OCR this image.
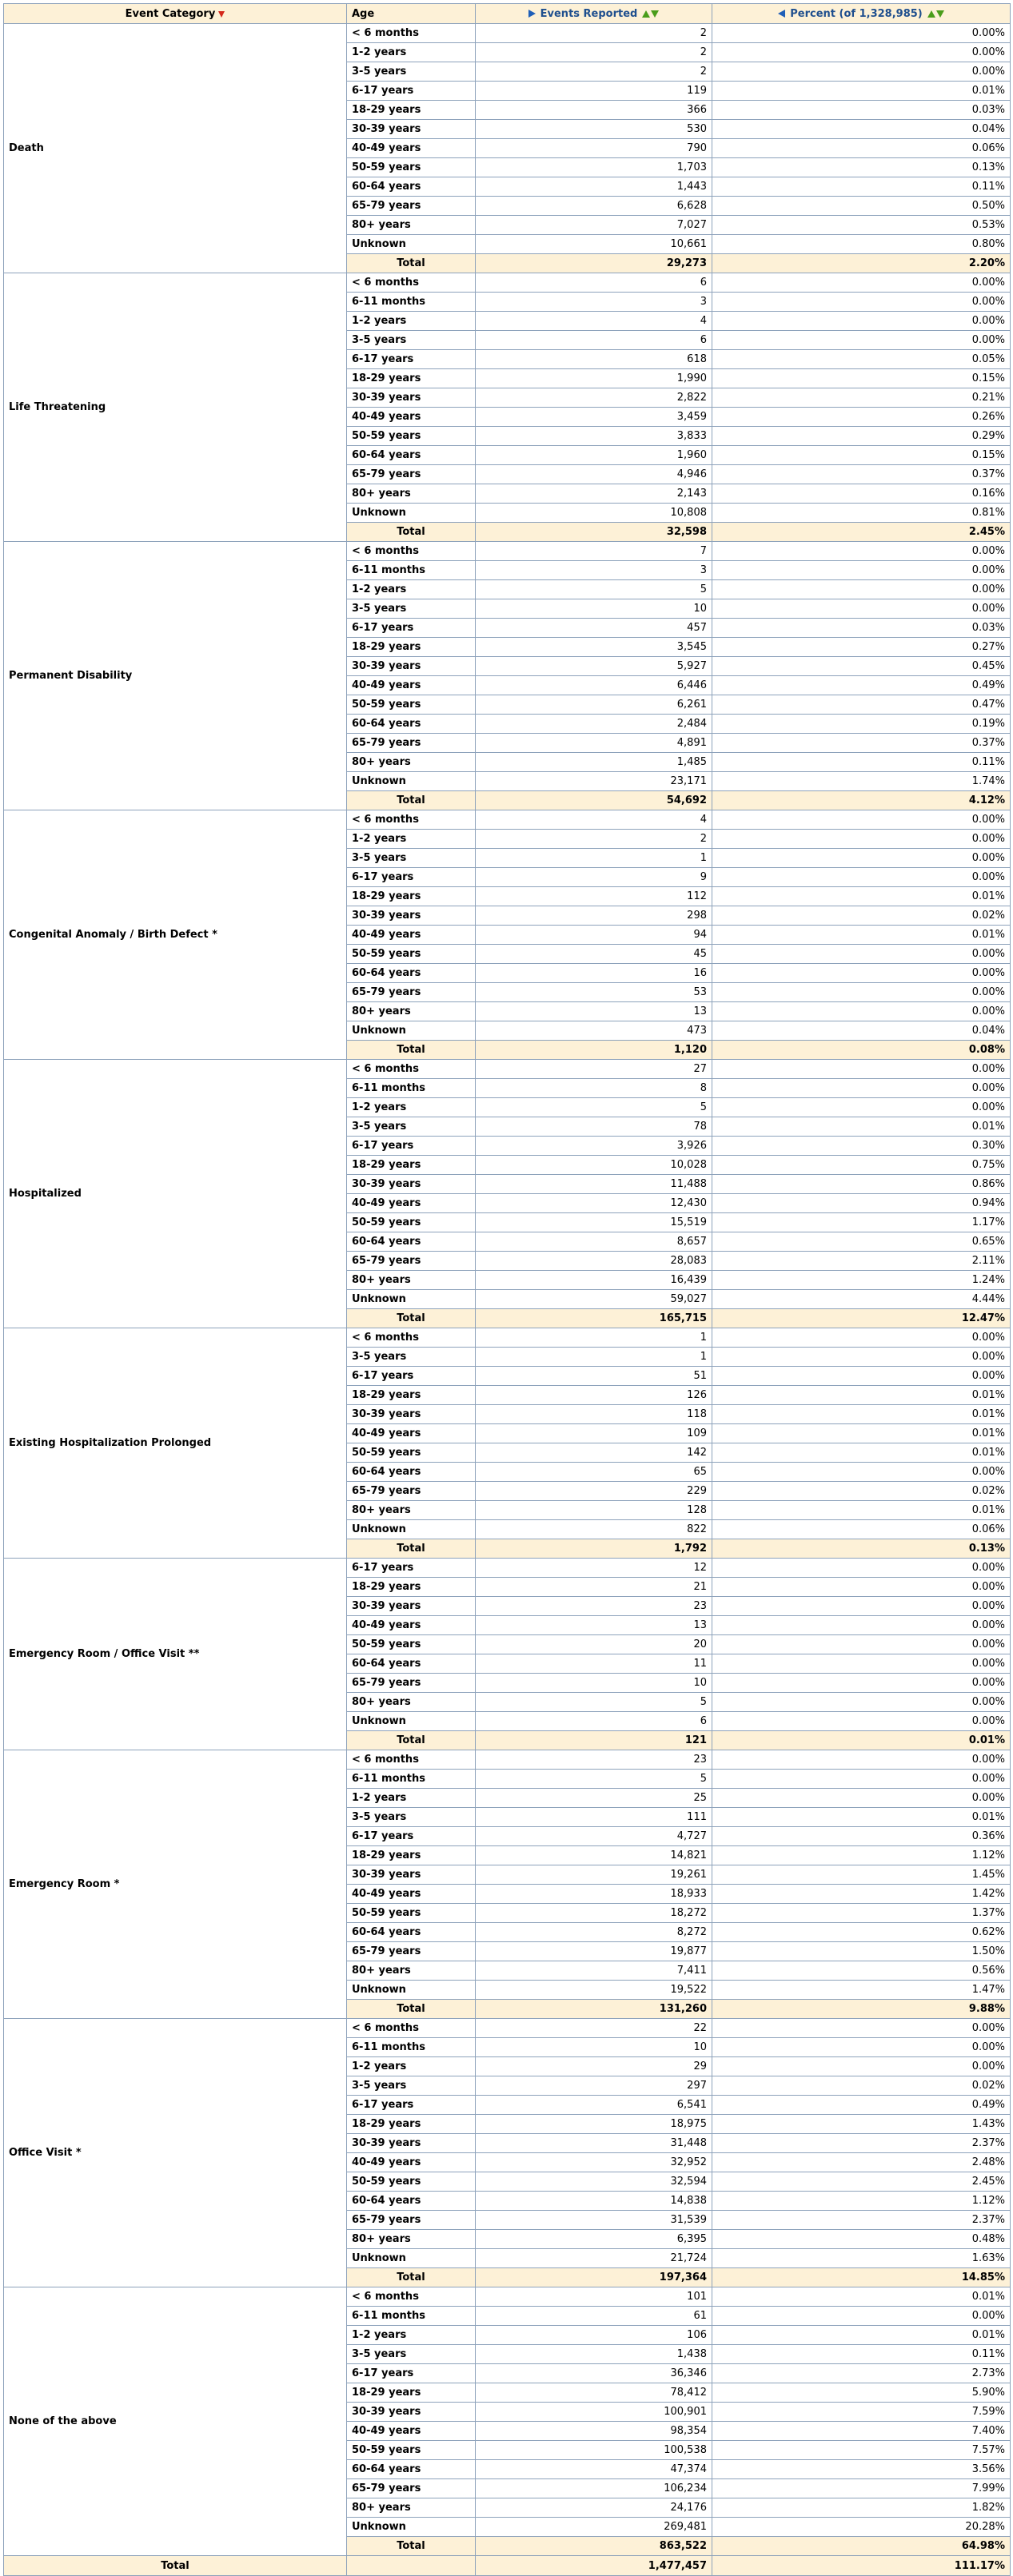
Event Category	Age	Events Reported	Percent (of 1,328,985)
Death	< 6 months	2	0.00%
	1-2 years	2	0.00%
	3-5 years	2	0.00%
	6-17 years	119	0.01%
	18-29 years	366	0.03%
	30-39 years	530	0.04%
	40-49 years	790	0.06%
	50-59 years	1,703	0.13%
	60-64 years	1,443	0.11%
	65-79 years	6,628	0.50%
	80+ years	7,027	0.53%
	Unknown	10,661	0.80%
	Total	29,273	2.20%
Life Threatening	< 6 months	6	0.00%
	6-11 months	3	0.00%
	1-2 years	4	0.00%
	3-5 years	6	0.00%
	6-17 years	618	0.05%
	18-29 years	1,990	0.15%
	30-39 years	2,822	0.21%
	40-49 years	3,459	0.26%
	50-59 years	3,833	0.29%
	60-64 years	1,960	0.15%
	65-79 years	4,946	0.37%
	80+ years	2,143	0.16%
	Unknown	10,808	0.81%
	Total	32,598	2.45%
Permanent Disability	< 6 months	7	0.00%
	6-11 months	3	0.00%
	1-2 years	5	0.00%
	3-5 years	10	0.00%
	6-17 years	457	0.03%
	18-29 years	3,545	0.27%
	30-39 years	5,927	0.45%
	40-49 years	6,446	0.49%
	50-59 years	6,261	0.47%
	60-64 years	2,484	0.19%
	65-79 years	4,891	0.37%
	80+ years	1,485	0.11%
	Unknown	23,171	1.74%
	Total	54,692	4.12%
Congenital Anomaly / Birth Defect *	< 6 months	4	0.00%
	1-2 years	2	0.00%
	3-5 years	1	0.00%
	6-17 years	9	0.00%
	18-29 years	112	0.01%
	30-39 years	298	0.02%
	40-49 years	94	0.01%
	50-59 years	45	0.00%
	60-64 years	16	0.00%
	65-79 years	53	0.00%
	80+ years	13	0.00%
	Unknown	473	0.04%
	Total	1,120	0.08%
Hospitalized	< 6 months	27	0.00%
	6-11 months	8	0.00%
	1-2 years	5	0.00%
	3-5 years	78	0.01%
	6-17 years	3,926	0.30%
	18-29 years	10,028	0.75%
	30-39 years	11,488	0.86%
	40-49 years	12,430	0.94%
	50-59 years	15,519	1.17%
	60-64 years	8,657	0.65%
	65-79 years	28,083	2.11%
	80+ years	16,439	1.24%
	Unknown	59,027	4.44%
	Total	165,715	12.47%
Existing Hospitalization Prolonged	< 6 months	1	0.00%
	3-5 years	1	0.00%
	6-17 years	51	0.00%
	18-29 years	126	0.01%
	30-39 years	118	0.01%
	40-49 years	109	0.01%
	50-59 years	142	0.01%
	60-64 years	65	0.00%
	65-79 years	229	0.02%
	80+ years	128	0.01%
	Unknown	822	0.06%
	Total	1,792	0.13%
Emergency Room / Office Visit **	6-17 years	12	0.00%
	18-29 years	21	0.00%
	30-39 years	23	0.00%
	40-49 years	13	0.00%
	50-59 years	20	0.00%
	60-64 years	11	0.00%
	65-79 years	10	0.00%
	80+ years	5	0.00%
	Unknown	6	0.00%
	Total	121	0.01%
Emergency Room *	< 6 months	23	0.00%
	6-11 months	5	0.00%
	1-2 years	25	0.00%
	3-5 years	111	0.01%
	6-17 years	4,727	0.36%
	18-29 years	14,821	1.12%
	30-39 years	19,261	1.45%
	40-49 years	18,933	1.42%
	50-59 years	18,272	1.37%
	60-64 years	8,272	0.62%
	65-79 years	19,877	1.50%
	80+ years	7,411	0.56%
	Unknown	19,522	1.47%
	Total	131,260	9.88%
Office Visit *	< 6 months	22	0.00%
	6-11 months	10	0.00%
	1-2 years	29	0.00%
	3-5 years	297	0.02%
	6-17 years	6,541	0.49%
	18-29 years	18,975	1.43%
	30-39 years	31,448	2.37%
	40-49 years	32,952	2.48%
	50-59 years	32,594	2.45%
	60-64 years	14,838	1.12%
	65-79 years	31,539	2.37%
	80+ years	6,395	0.48%
	Unknown	21,724	1.63%
	Total	197,364	14.85%
None of the above	< 6 months	101	0.01%
	6-11 months	61	0.00%
	1-2 years	106	0.01%
	3-5 years	1,438	0.11%
	6-17 years	36,346	2.73%
	18-29 years	78,412	5.90%
	30-39 years	100,901	7.59%
	40-49 years	98,354	7.40%
	50-59 years	100,538	7.57%
	60-64 years	47,374	3.56%
	65-79 years	106,234	7.99%
	80+ years	24,176	1.82%
	Unknown	269,481	20.28%
	Total	863,522	64.98%
Total		1,477,457	111.17%
